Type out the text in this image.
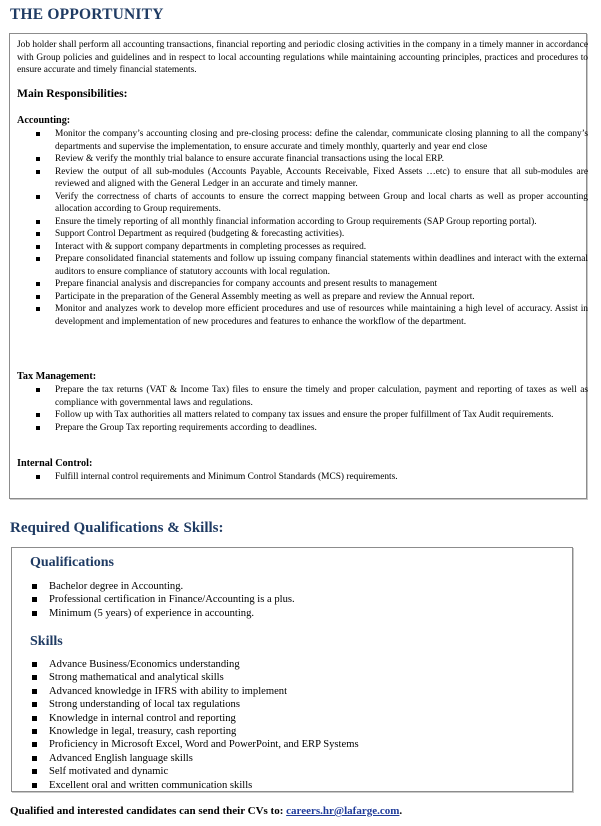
THE OPPORTUNITY

Job holder shall perform all accounting transactions, financial reporting and periodic closing activities in the company in a timely manner in accordance with Group policies and guidelines and in respect to local accounting regulations while maintaining accounting principles, practices and procedures to ensure accurate and timely financial statements.

Main Responsibilities:

Accounting:

Monitor the company’s accounting closing and pre-closing process: define the calendar, communicate closing planning to all the company’s departments and supervise the implementation, to ensure accurate and timely monthly, quarterly and year end close
Review & verify the monthly trial balance to ensure accurate financial transactions using the local ERP.
Review the output of all sub-modules (Accounts Payable, Accounts Receivable, Fixed Assets …etc) to ensure that all sub-modules are reviewed and aligned with the General Ledger in an accurate and timely manner.
Verify the correctness of charts of accounts to ensure the correct mapping between Group and local charts as well as proper accounting allocation according to Group requirements.
Ensure the timely reporting of all monthly financial information according to Group requirements (SAP Group reporting portal).
Support Control Department as required (budgeting & forecasting activities).
Interact with & support company departments in completing processes as required.
Prepare consolidated financial statements and follow up issuing company financial statements within deadlines and interact with the external auditors to ensure compliance of statutory accounts with local regulation.
Prepare financial analysis and discrepancies for company accounts and present results to management
Participate in the preparation of the General Assembly meeting as well as prepare and review the Annual report.
Monitor and analyzes work to develop more efficient procedures and use of resources while maintaining a high level of accuracy. Assist in development and implementation of new procedures and features to enhance the workflow of the department.

Tax Management:

Prepare the tax returns (VAT & Income Tax) files to ensure the timely and proper calculation, payment and reporting of taxes as well as compliance with governmental laws and regulations.
Follow up with Tax authorities all matters related to company tax issues and ensure the proper fulfillment of Tax Audit requirements.
Prepare the Group Tax reporting requirements according to deadlines.

Internal Control:

Fulfill internal control requirements and Minimum Control Standards (MCS) requirements.
Required Qualifications & Skills:

Qualifications

Bachelor degree in Accounting.
Professional certification in Finance/Accounting is a plus.
Minimum (5 years) of experience in accounting.

Skills

Advance Business/Economics understanding
Strong mathematical and analytical skills
Advanced knowledge in IFRS with ability to implement
Strong understanding of local tax regulations
Knowledge in internal control and reporting
Knowledge in legal, treasury, cash reporting
Proficiency in Microsoft Excel, Word and PowerPoint, and ERP Systems
Advanced English language skills
Self motivated and dynamic
Excellent oral and written communication skills

Qualified and interested candidates can send their CVs to: careers.hr@lafarge.com.
